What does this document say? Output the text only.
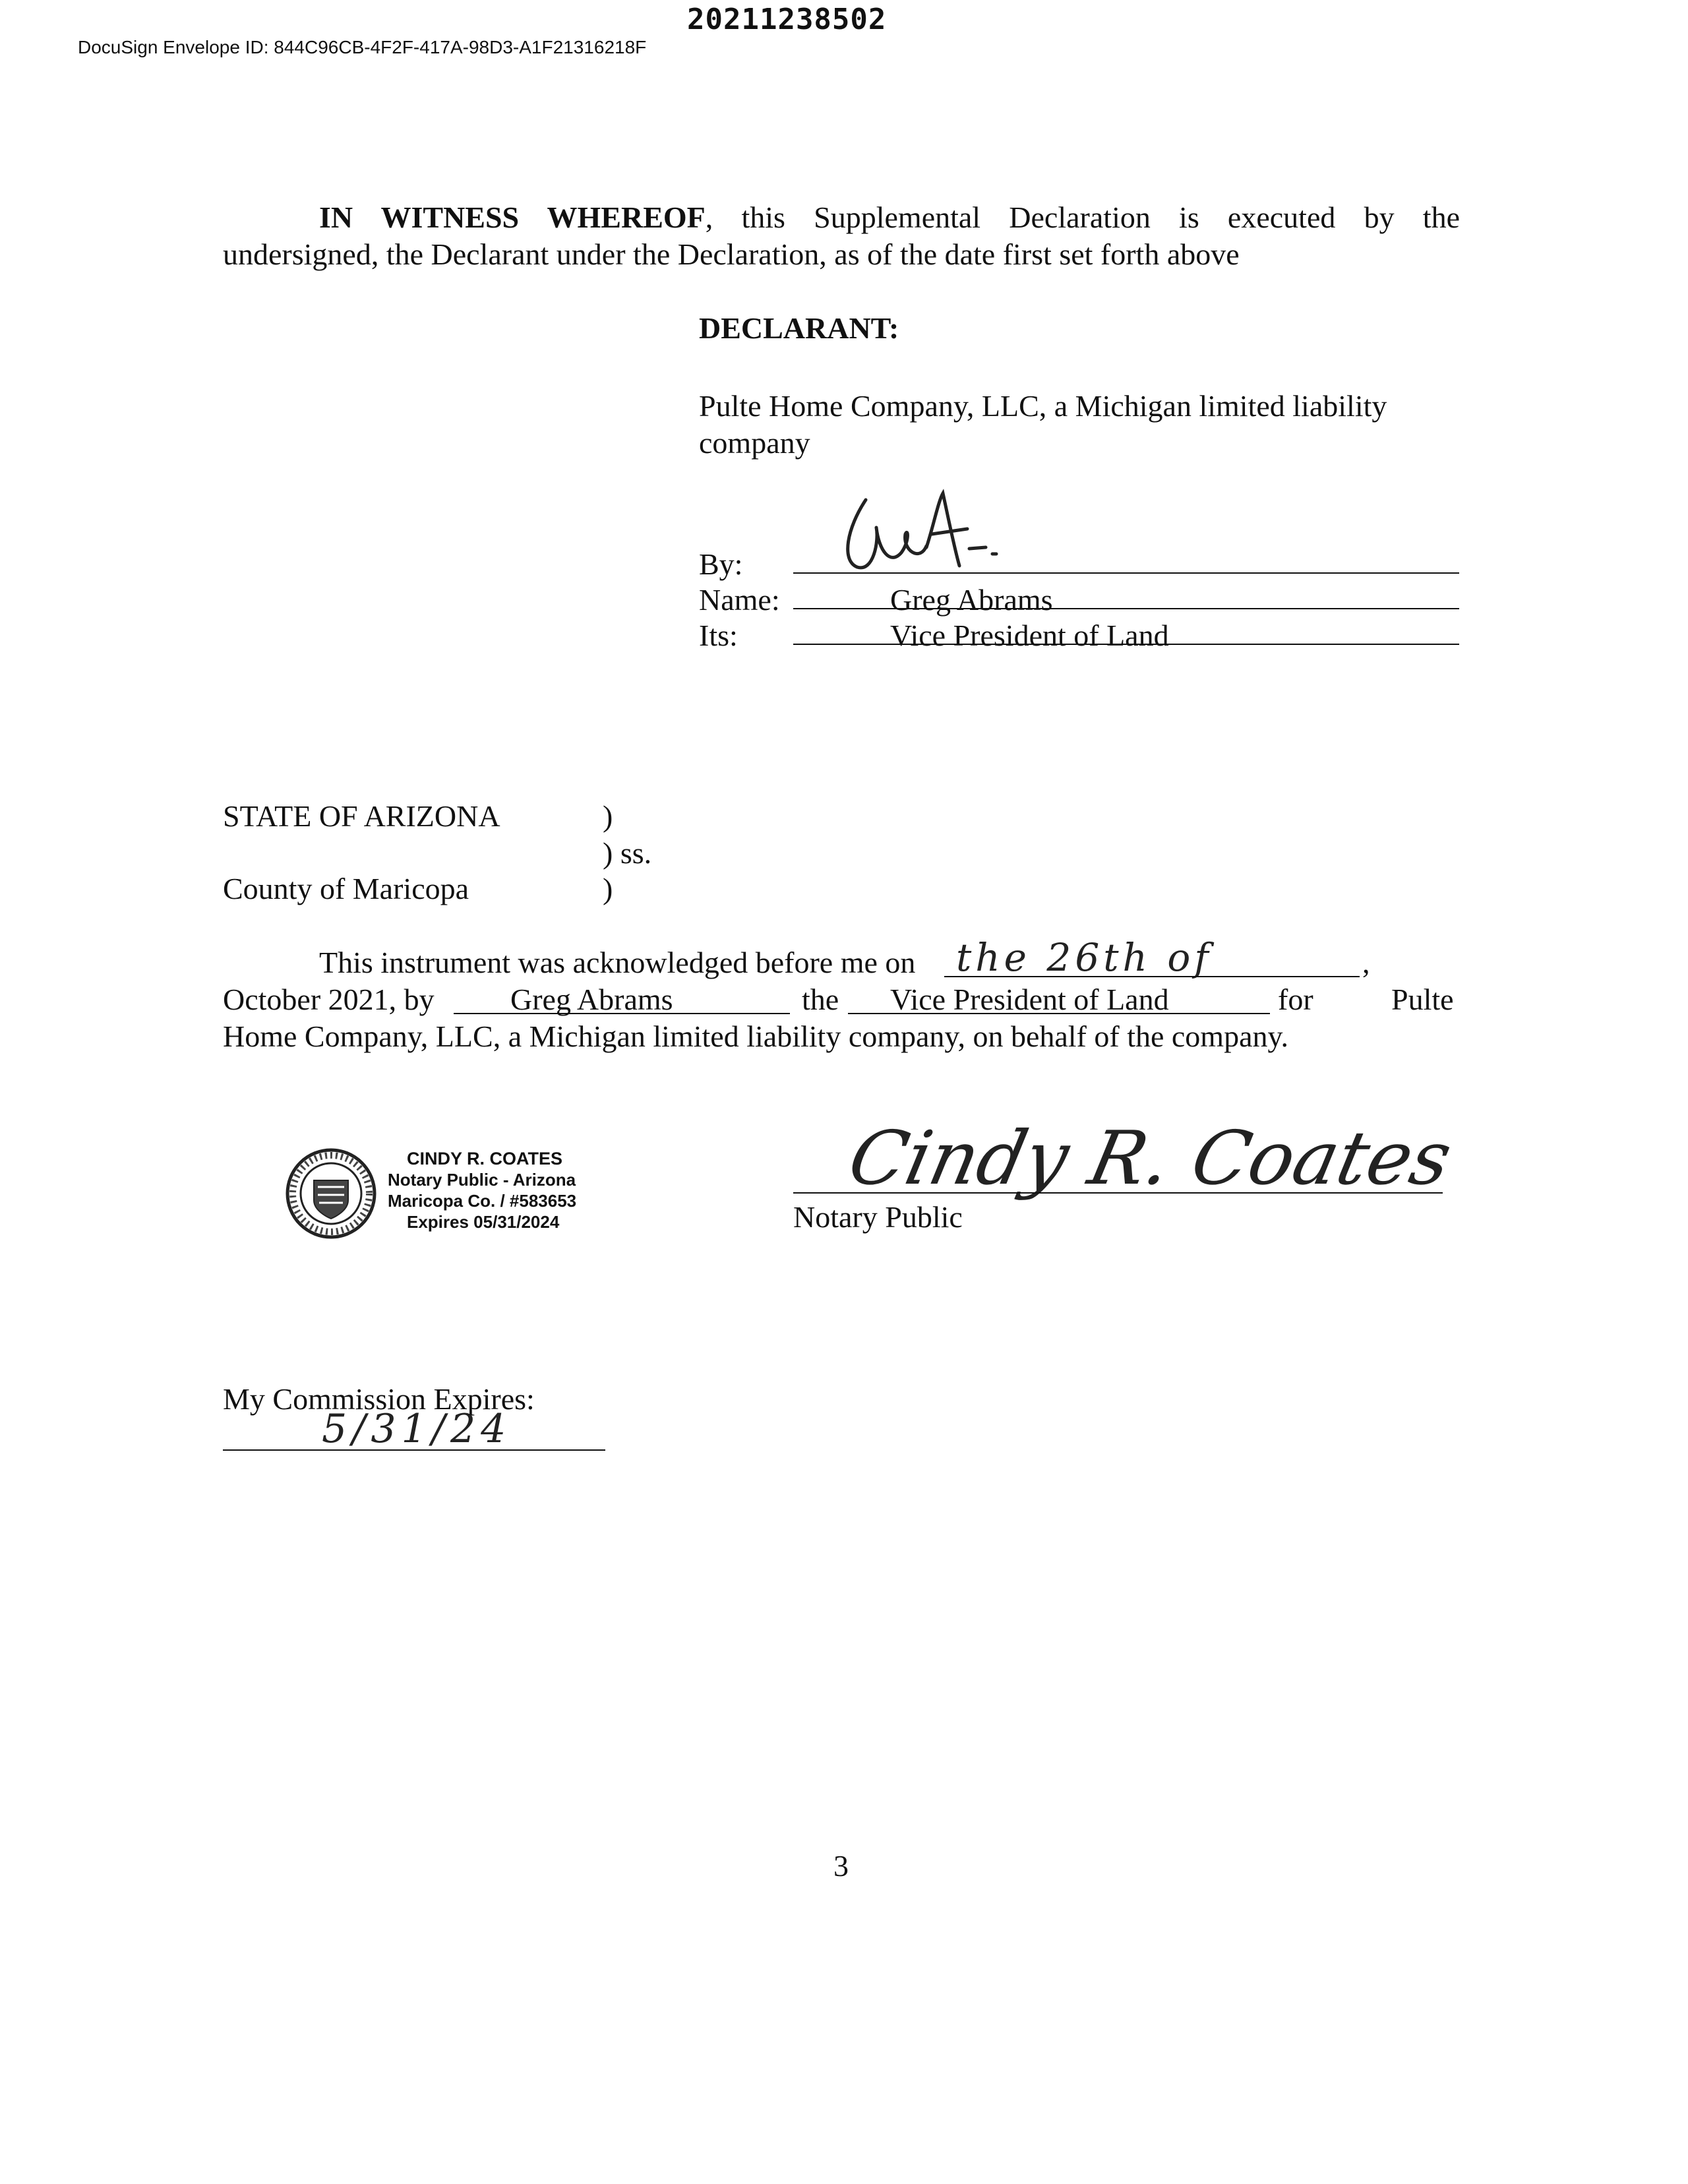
20211238502
DocuSign Envelope ID: 844C96CB-4F2F-417A-98D3-A1F21316218F
IN WITNESS WHEREOF, this Supplemental Declaration is executed by the
undersigned, the Declarant under the Declaration, as of the date first set forth above
DECLARANT:
Pulte Home Company, LLC, a Michigan limited liability
company
By:
Name:	Greg Abrams
Its:	Vice President of Land
STATE OF ARIZONA	)
) ss.
County of Maricopa	)
This instrument was acknowledged before me on the 26th of	,
October 2021, by	Greg Abrams	the Vice President of Land	for	Pulte
Home Company, LLC, a Michigan limited liability company, on behalf of the company.
CINDY R. COATES
Notary Public - Arizona
Maricopa Co. / #583653
Expires 05/31/2024
Cindy R. Coates
Notary Public
My Commission Expires:
5/31/24
3
